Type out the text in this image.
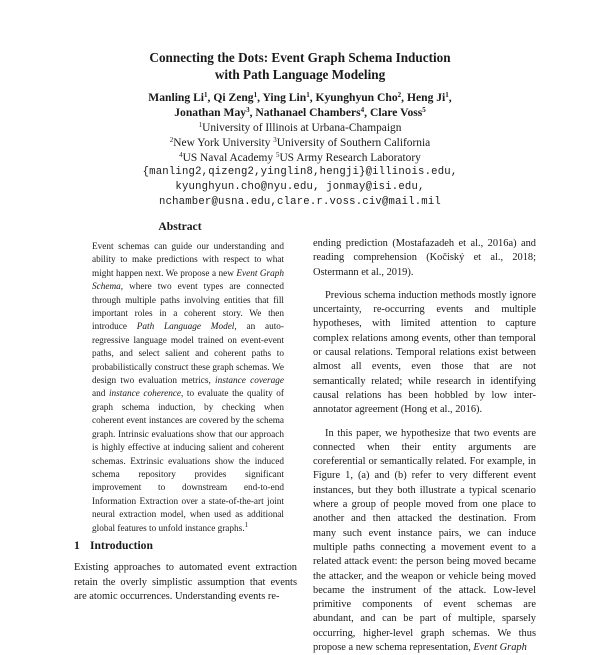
Connecting the Dots: Event Graph Schema Induction
with Path Language Modeling
Manling Li$^1$, Qi Zeng$^1$, Ying Lin$^1$, Kyunghyun Cho$^2$, Heng Ji$^1$,
Jonathan May$^3$, Nathanael Chambers$^4$, Clare Voss$^5$
$^1$University of Illinois at Urbana-Champaign
$^2$New York University $^3$University of Southern California
$^4$US Naval Academy $^5$US Army Research Laboratory
{manling2,qizeng2,yinglin8,hengji}@illinois.edu,
kyunghyun.cho@nyu.edu, jonmay@isi.edu,
nchamber@usna.edu,clare.r.voss.civ@mail.mil
Abstract

Event schemas can guide our understanding and ability to make predictions with respect to what might happen next. We propose a new Event Graph Schema, where two event types are connected through multiple paths involving entities that fill important roles in a coherent story. We then introduce Path Language Model, an auto-regressive language model trained on event-event paths, and select salient and coherent paths to probabilistically construct these graph schemas. We design two evaluation metrics, instance coverage and instance coherence, to evaluate the quality of graph schema induction, by checking when coherent event instances are covered by the schema graph. Intrinsic evaluations show that our approach is highly effective at inducing salient and coherent schemas. Extrinsic evaluations show the induced schema repository provides significant improvement to downstream end-to-end Information Extraction over a state-of-the-art joint neural extraction model, when used as additional global features to unfold instance graphs.$^1$

1 Introduction

Existing approaches to automated event extraction retain the overly simplistic assumption that events are atomic occurrences. Understanding events re-

ending prediction (Mostafazadeh et al., 2016a) and reading comprehension (Kočiský et al., 2018; Ostermann et al., 2019).

Previous schema induction methods mostly ignore uncertainty, re-occurring events and multiple hypotheses, with limited attention to capture complex relations among events, other than temporal or causal relations. Temporal relations exist between almost all events, even those that are not semantically related; while research in identifying causal relations has been hobbled by low inter-annotator agreement (Hong et al., 2016).

In this paper, we hypothesize that two events are connected when their entity arguments are coreferential or semantically related. For example, in Figure 1, (a) and (b) refer to very different event instances, but they both illustrate a typical scenario where a group of people moved from one place to another and then attacked the destination. From many such event instance pairs, we can induce multiple paths connecting a movement event to a related attack event: the person being moved became the attacker, and the weapon or vehicle being moved became the instrument of the attack. Low-level primitive components of event schemas are abundant, and can be part of multiple, sparsely occurring, higher-level graph schemas. We thus propose a new schema representation, Event Graph
